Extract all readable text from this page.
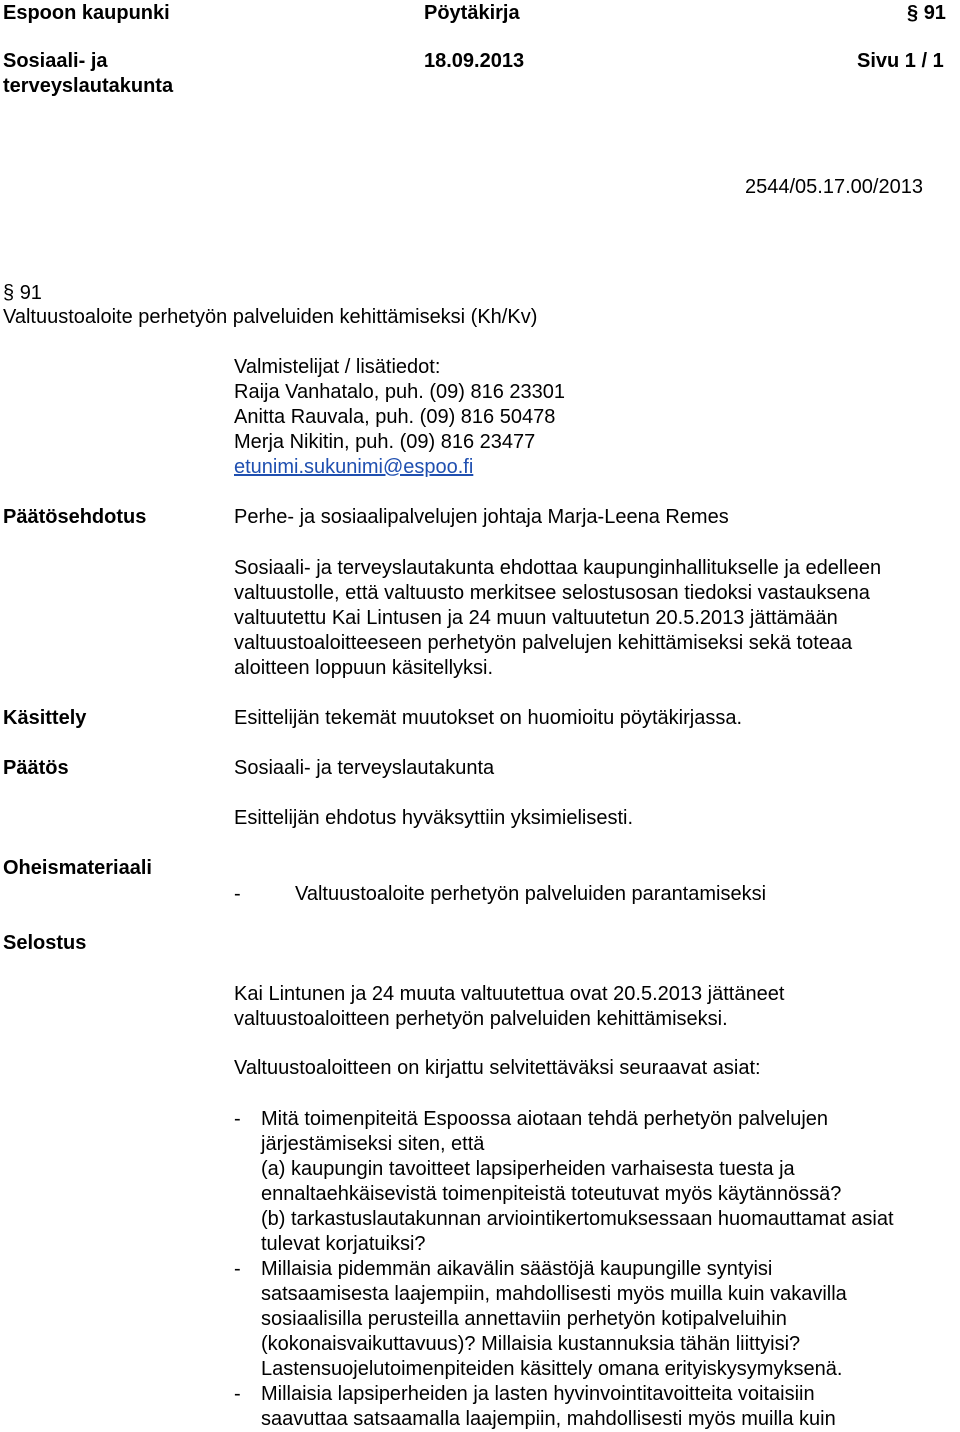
Espoon kaupunki	Pöytäkirja	§ 91
Sosiaali- ja
terveyslautakunta
18.09.2013	Sivu 1 / 1
2544/05.17.00/2013
§ 91
Valtuustoaloite perhetyön palveluiden kehittämiseksi (Kh/Kv)
Valmistelijat / lisätiedot:
Raija Vanhatalo, puh. (09) 816 23301
Anitta Rauvala, puh. (09) 816 50478
Merja Nikitin, puh. (09) 816 23477
etunimi.sukunimi@espoo.fi
Päätösehdotus	Perhe- ja sosiaalipalvelujen johtaja Marja-Leena Remes
Sosiaali- ja terveyslautakunta ehdottaa kaupunginhallitukselle ja edelleen
valtuustolle, että valtuusto merkitsee selostusosan tiedoksi vastauksena
valtuutettu Kai Lintusen ja 24 muun valtuutetun 20.5.2013 jättämään
valtuustoaloitteeseen perhetyön palvelujen kehittämiseksi sekä toteaa
aloitteen loppuun käsitellyksi.
Käsittely	Esittelijän tekemät muutokset on huomioitu pöytäkirjassa.
Päätös	Sosiaali- ja terveyslautakunta
Esittelijän ehdotus hyväksyttiin yksimielisesti.
Oheismateriaali
-	Valtuustoaloite perhetyön palveluiden parantamiseksi
Selostus
Kai Lintunen ja 24 muuta valtuutettua ovat 20.5.2013 jättäneet
valtuustoaloitteen perhetyön palveluiden kehittämiseksi.
Valtuustoaloitteen on kirjattu selvitettäväksi seuraavat asiat:
- Mitä toimenpiteitä Espoossa aiotaan tehdä perhetyön palvelujen
järjestämiseksi siten, että
(a) kaupungin tavoitteet lapsiperheiden varhaisesta tuesta ja
ennaltaehkäisevistä toimenpiteistä toteutuvat myös käytännössä?
(b) tarkastuslautakunnan arviointikertomuksessaan huomauttamat asiat
tulevat korjatuiksi?
- Millaisia pidemmän aikavälin säästöjä kaupungille syntyisi
satsaamisesta laajempiin, mahdollisesti myös muilla kuin vakavilla
sosiaalisilla perusteilla annettaviin perhetyön kotipalveluihin
(kokonaisvaikuttavuus)? Millaisia kustannuksia tähän liittyisi?
Lastensuojelutoimenpiteiden käsittely omana erityiskysymyksenä.
- Millaisia lapsiperheiden ja lasten hyvinvointitavoitteita voitaisiin
saavuttaa satsaamalla laajempiin, mahdollisesti myös muilla kuin
